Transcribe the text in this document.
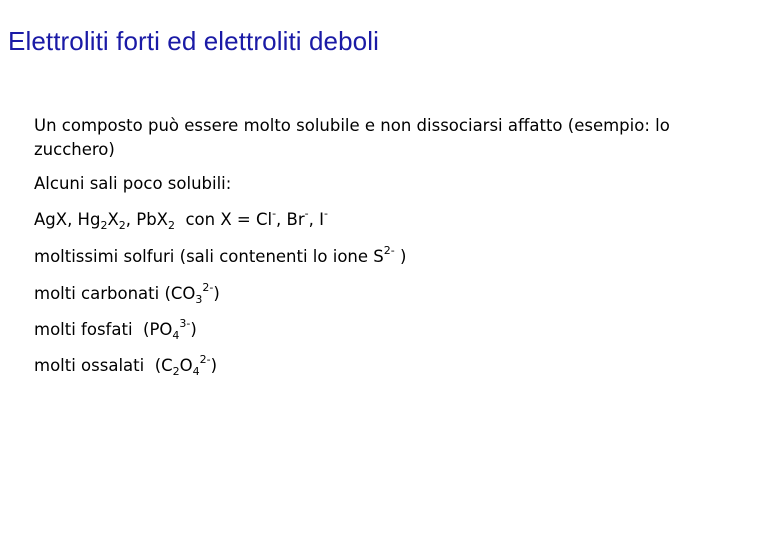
Elettroliti forti ed elettroliti deboli

Un composto può essere molto solubile e non dissociarsi affatto (esempio: lo zucchero)

Alcuni sali poco solubili:

AgX, $Hg_2X_2$, PbX$_2$  con X = Cl-, Br-, I-

moltissimi solfuri (sali contenenti lo ione $S^{2-}$ )

molti carbonati $(CO_3^{2-})$

molti fosfati  $(PO_4^{3-})$

molti ossalati  $(C_2O_4^{2-})$
